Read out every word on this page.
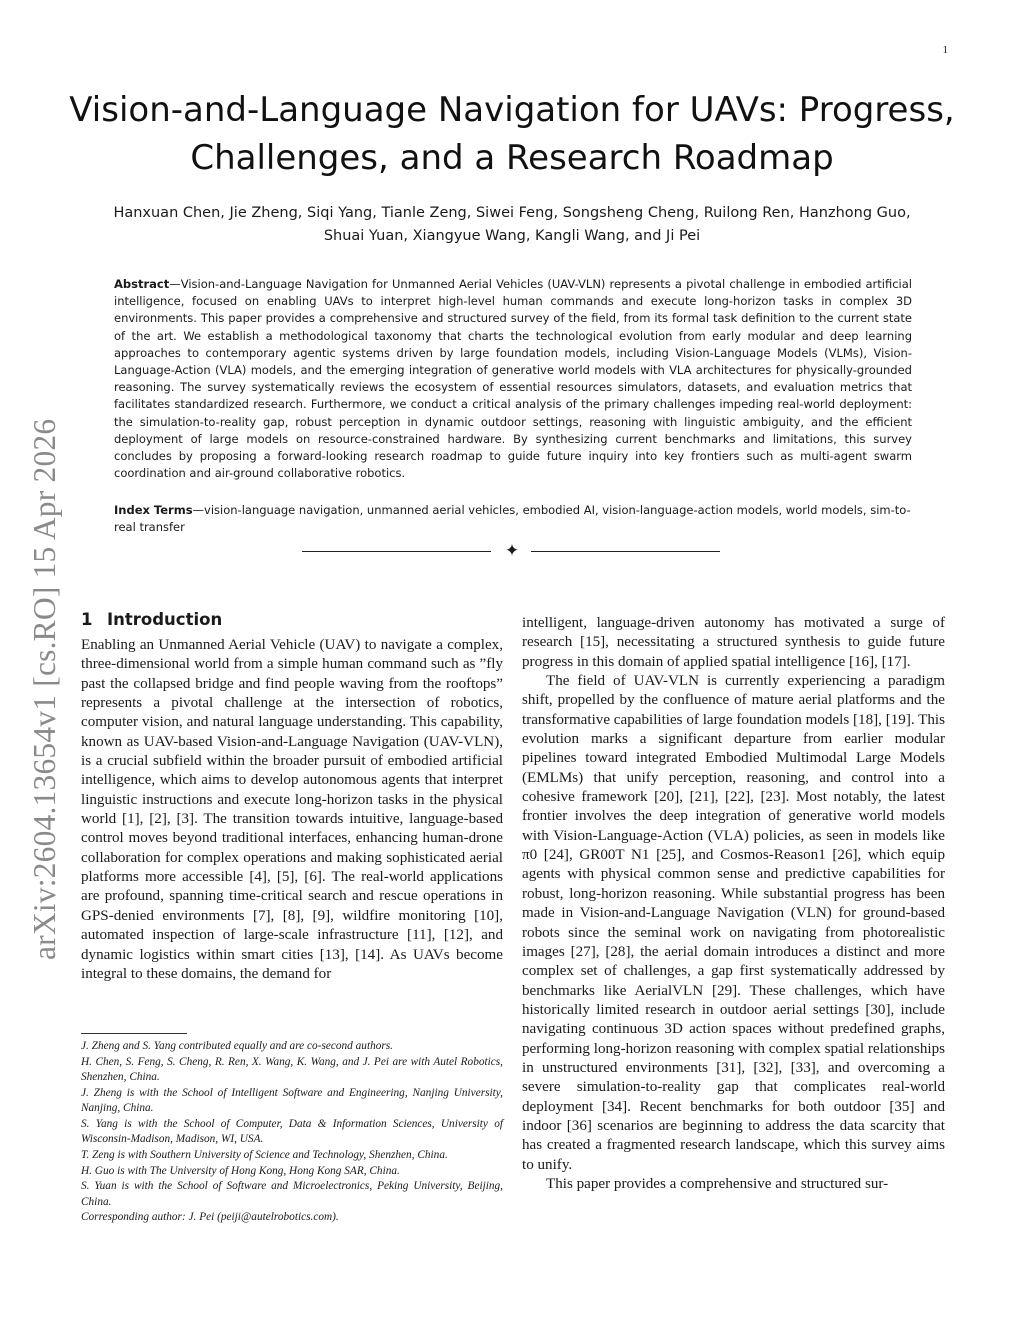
1
arXiv:2604.13654v1 [cs.RO] 15 Apr 2026
Vision-and-Language Navigation for UAVs: Progress,
Challenges, and a Research Roadmap
Hanxuan Chen, Jie Zheng, Siqi Yang, Tianle Zeng, Siwei Feng, Songsheng Cheng, Ruilong Ren, Hanzhong Guo,
Shuai Yuan, Xiangyue Wang, Kangli Wang, and Ji Pei

Abstract—Vision-and-Language Navigation for Unmanned Aerial Vehicles (UAV-VLN) represents a pivotal challenge in embodied artificial intelligence, focused on enabling UAVs to interpret high-level human commands and execute long-horizon tasks in complex 3D environments. This paper provides a comprehensive and structured survey of the field, from its formal task definition to the current state of the art. We establish a methodological taxonomy that charts the technological evolution from early modular and deep learning approaches to contemporary agentic systems driven by large foundation models, including Vision-Language Models (VLMs), Vision-Language-Action (VLA) models, and the emerging integration of generative world models with VLA architectures for physically-grounded reasoning. The survey systematically reviews the ecosystem of essential resources simulators, datasets, and evaluation metrics that facilitates standardized research. Furthermore, we conduct a critical analysis of the primary challenges impeding real-world deployment: the simulation-to-reality gap, robust perception in dynamic outdoor settings, reasoning with linguistic ambiguity, and the efficient deployment of large models on resource-constrained hardware. By synthesizing current benchmarks and limitations, this survey concludes by proposing a forward-looking research roadmap to guide future inquiry into key frontiers such as multi-agent swarm coordination and air-ground collaborative robotics.

Index Terms—vision-language navigation, unmanned aerial vehicles, embodied AI, vision-language-action models, world models, sim-to-real transfer

✦
1 Introduction

Enabling an Unmanned Aerial Vehicle (UAV) to navigate a complex, three-dimensional world from a simple human command such as ”fly past the collapsed bridge and find people waving from the rooftops” represents a pivotal challenge at the intersection of robotics, computer vision, and natural language understanding. This capability, known as UAV-based Vision-and-Language Navigation (UAV-VLN), is a crucial subfield within the broader pursuit of embodied artificial intelligence, which aims to develop autonomous agents that interpret linguistic instructions and execute long-horizon tasks in the physical world [1], [2], [3]. The transition towards intuitive, language-based control moves beyond traditional interfaces, enhancing human-drone collaboration for complex operations and making sophisticated aerial platforms more accessible [4], [5], [6]. The real-world applications are profound, spanning time-critical search and rescue operations in GPS-denied environments [7], [8], [9], wildfire monitoring [10], automated inspection of large-scale infrastructure [11], [12], and dynamic logistics within smart cities [13], [14]. As UAVs become integral to these domains, the demand for

J. Zheng and S. Yang contributed equally and are co-second authors.
H. Chen, S. Feng, S. Cheng, R. Ren, X. Wang, K. Wang, and J. Pei are with Autel Robotics, Shenzhen, China.
J. Zheng is with the School of Intelligent Software and Engineering, Nanjing University, Nanjing, China.
S. Yang is with the School of Computer, Data & Information Sciences, University of Wisconsin-Madison, Madison, WI, USA.
T. Zeng is with Southern University of Science and Technology, Shenzhen, China.
H. Guo is with The University of Hong Kong, Hong Kong SAR, China.
S. Yuan is with the School of Software and Microelectronics, Peking University, Beijing, China.
Corresponding author: J. Pei (peiji@autelrobotics.com).

intelligent, language-driven autonomy has motivated a surge of research [15], necessitating a structured synthesis to guide future progress in this domain of applied spatial intelligence [16], [17].

The field of UAV-VLN is currently experiencing a paradigm shift, propelled by the confluence of mature aerial platforms and the transformative capabilities of large foundation models [18], [19]. This evolution marks a significant departure from earlier modular pipelines toward integrated Embodied Multimodal Large Models (EMLMs) that unify perception, reasoning, and control into a cohesive framework [20], [21], [22], [23]. Most notably, the latest frontier involves the deep integration of generative world models with Vision-Language-Action (VLA) policies, as seen in models like π0 [24], GR00T N1 [25], and Cosmos-Reason1 [26], which equip agents with physical common sense and predictive capabilities for robust, long-horizon reasoning. While substantial progress has been made in Vision-and-Language Navigation (VLN) for ground-based robots since the seminal work on navigating from photorealistic images [27], [28], the aerial domain introduces a distinct and more complex set of challenges, a gap first systematically addressed by benchmarks like AerialVLN [29]. These challenges, which have historically limited research in outdoor aerial settings [30], include navigating continuous 3D action spaces without predefined graphs, performing long-horizon reasoning with complex spatial relationships in unstructured environments [31], [32], [33], and overcoming a severe simulation-to-reality gap that complicates real-world deployment [34]. Recent benchmarks for both outdoor [35] and indoor [36] scenarios are beginning to address the data scarcity that has created a fragmented research landscape, which this survey aims to unify.

This paper provides a comprehensive and structured sur-
